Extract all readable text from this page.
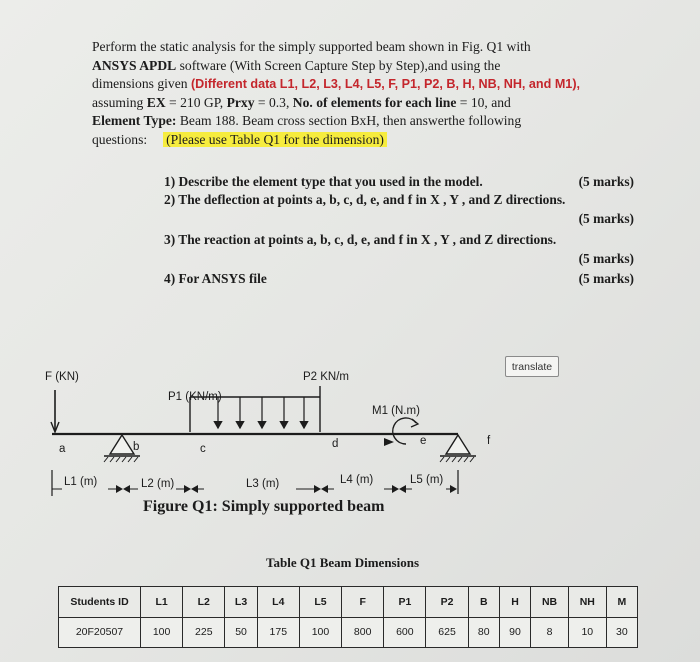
Perform the static analysis for the simply supported beam shown in Fig. Q1 with
ANSYS APDL software (With Screen Capture Step by Step),and using the
dimensions given (Different data L1, L2, L3, L4, L5, F, P1, P2, B, H, NB, NH, and M1),
assuming EX = 210 GP, Prxy = 0.3, No. of elements for each line = 10, and
Element Type: Beam 188. Beam cross section BxH, then answerthe following
questions: (Please use Table Q1 for the dimension)
1) Describe the element type that you used in the model.	(5 marks)
2) The deflection at points a, b, c, d, e, and f in X , Y , and Z directions.
(5 marks)
3) The reaction at points a, b, c, d, e, and f in X , Y , and Z directions.
(5 marks)
4) For ANSYS file	(5 marks)
translate
F (KN)
P1 (KN/m)
P2 KN/m
M1 (N.m)
a	b	c	d	e	f
L1 (m)	L2 (m)	L3 (m)	L4 (m)	L5 (m)
Figure Q1: Simply supported beam
Table Q1 Beam Dimensions
Students ID	L1	L2	L3	L4	L5	F	P1	P2	B	H	NB	NH	M
20F20507	100	225	50	175	100	800	600	625	80	90	8	10	30
